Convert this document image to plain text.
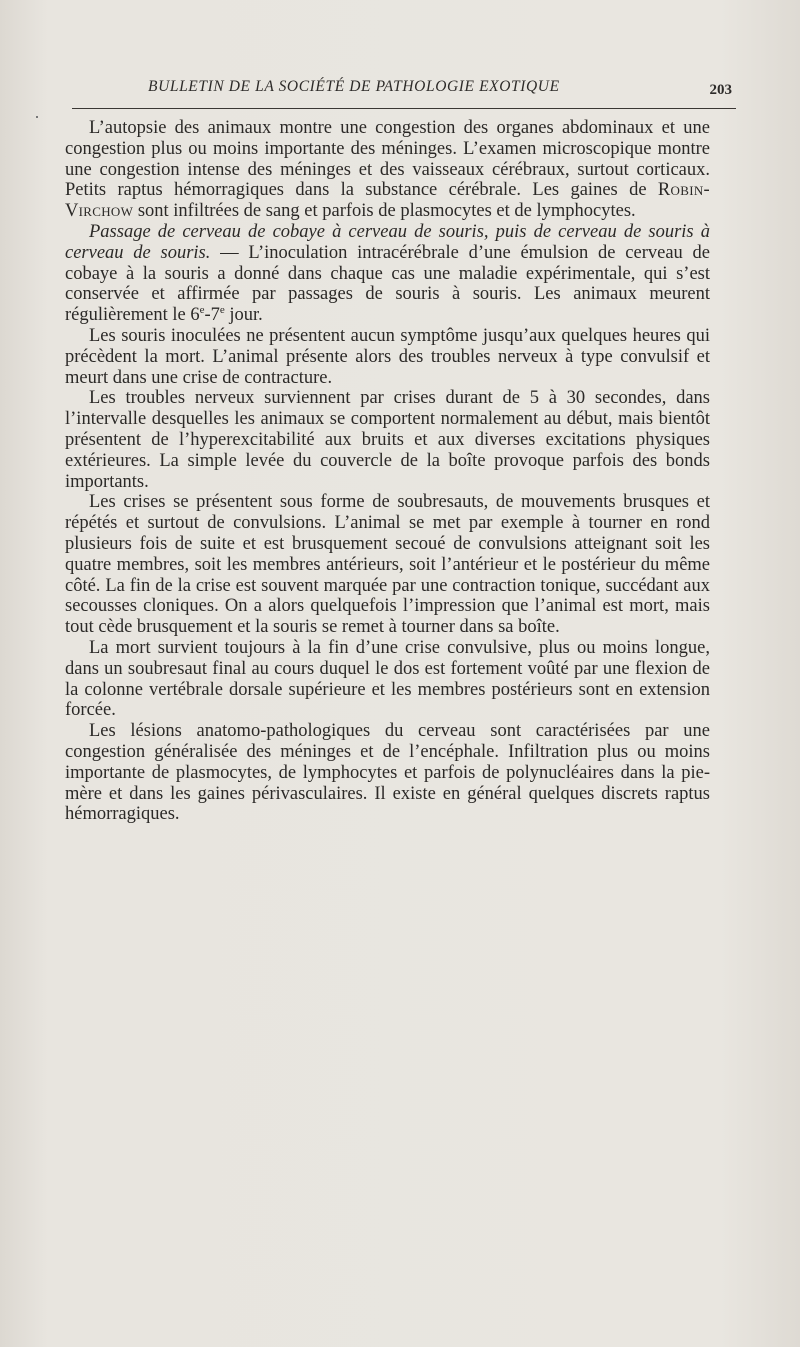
BULLETIN DE LA SOCIÉTÉ DE PATHOLOGIE EXOTIQUE	203

L’autopsie des animaux montre une congestion des organes abdominaux et une congestion plus ou moins importante des méninges. L’examen microscopique montre une congestion intense des méninges et des vaisseaux cérébraux, surtout corticaux. Petits raptus hémorragiques dans la substance cérébrale. Les gaines de Robin-Virchow sont infiltrées de sang et parfois de plasmocytes et de lymphocytes.

Passage de cerveau de cobaye à cerveau de souris, puis de cerveau de souris à cerveau de souris. — L’inoculation intracérébrale d’une émulsion de cerveau de cobaye à la souris a donné dans chaque cas une maladie expérimentale, qui s’est conservée et affirmée par passages de souris à souris. Les animaux meurent régulièrement le 6e-7e jour.

Les souris inoculées ne présentent aucun symptôme jusqu’aux quelques heures qui précèdent la mort. L’animal présente alors des troubles nerveux à type convulsif et meurt dans une crise de contracture.

Les troubles nerveux surviennent par crises durant de 5 à 30 secondes, dans l’intervalle desquelles les animaux se comportent normalement au début, mais bientôt présentent de l’hyperexcitabilité aux bruits et aux diverses excitations physiques extérieures. La simple levée du couvercle de la boîte provoque parfois des bonds importants.

Les crises se présentent sous forme de soubresauts, de mouvements brusques et répétés et surtout de convulsions. L’animal se met par exemple à tourner en rond plusieurs fois de suite et est brusquement secoué de convulsions atteignant soit les quatre membres, soit les membres antérieurs, soit l’antérieur et le postérieur du même côté. La fin de la crise est souvent marquée par une contraction tonique, succédant aux secousses cloniques. On a alors quelquefois l’impression que l’animal est mort, mais tout cède brusquement et la souris se remet à tourner dans sa boîte.

La mort survient toujours à la fin d’une crise convulsive, plus ou moins longue, dans un soubresaut final au cours duquel le dos est fortement voûté par une flexion de la colonne vertébrale dorsale supérieure et les membres postérieurs sont en extension forcée.

Les lésions anatomo-pathologiques du cerveau sont caractérisées par une congestion généralisée des méninges et de l’encéphale. Infiltration plus ou moins importante de plasmocytes, de lymphocytes et parfois de polynucléaires dans la pie-mère et dans les gaines périvasculaires. Il existe en général quelques discrets raptus hémorragiques.
